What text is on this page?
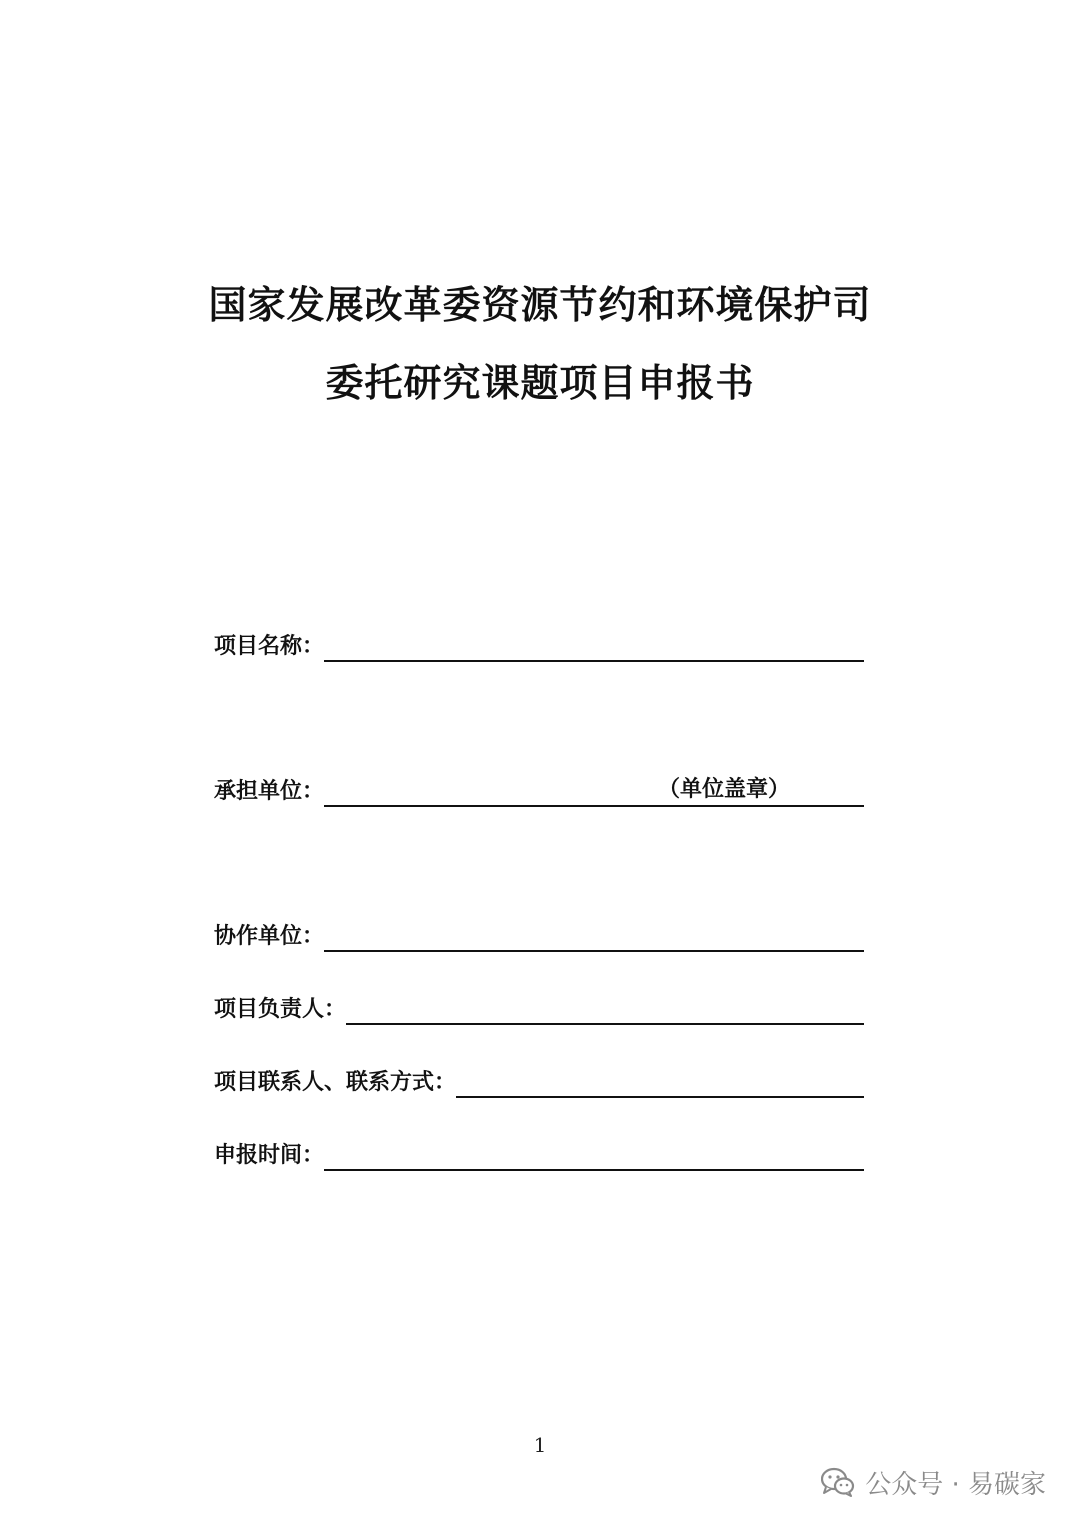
国家发展改革委资源节约和环境保护司
委托研究课题项目申报书
项目名称：
承担单位：	（单位盖章）
协作单位：
项目负责人：
项目联系人、联系方式：
申报时间：
1
公众号 · 易碳家
